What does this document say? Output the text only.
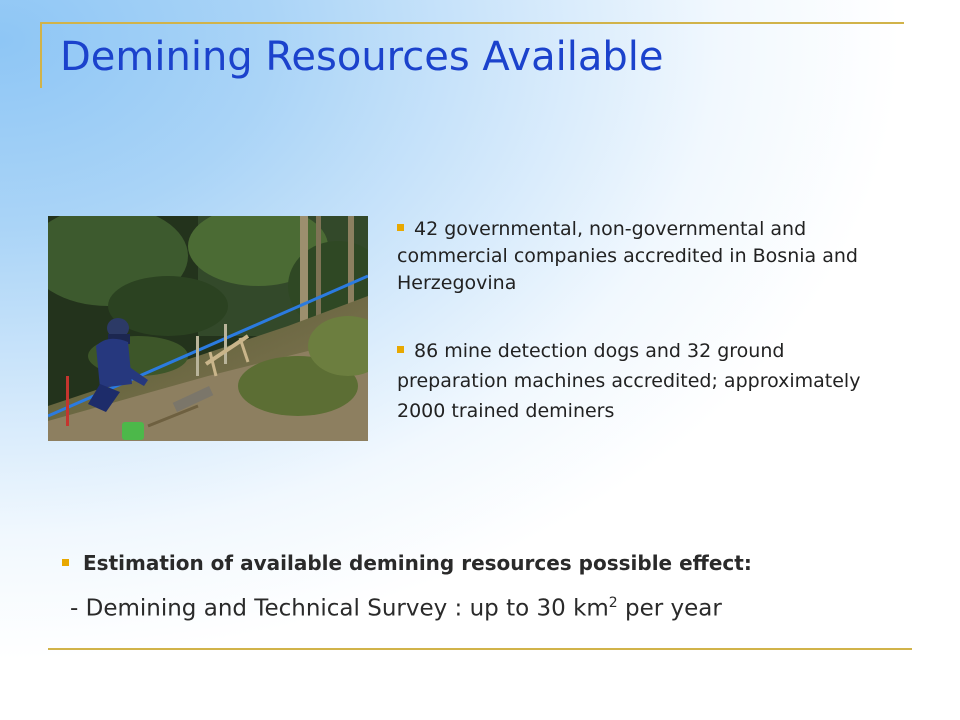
Demining Resources Available

42 governmental, non-governmental and commercial companies accredited in Bosnia and Herzegovina

86 mine detection dogs and 32 ground preparation machines accredited; approximately 2000 trained deminers

Estimation of available demining resources possible effect:
- Demining and Technical Survey : up to 30 $km^2$ per year
